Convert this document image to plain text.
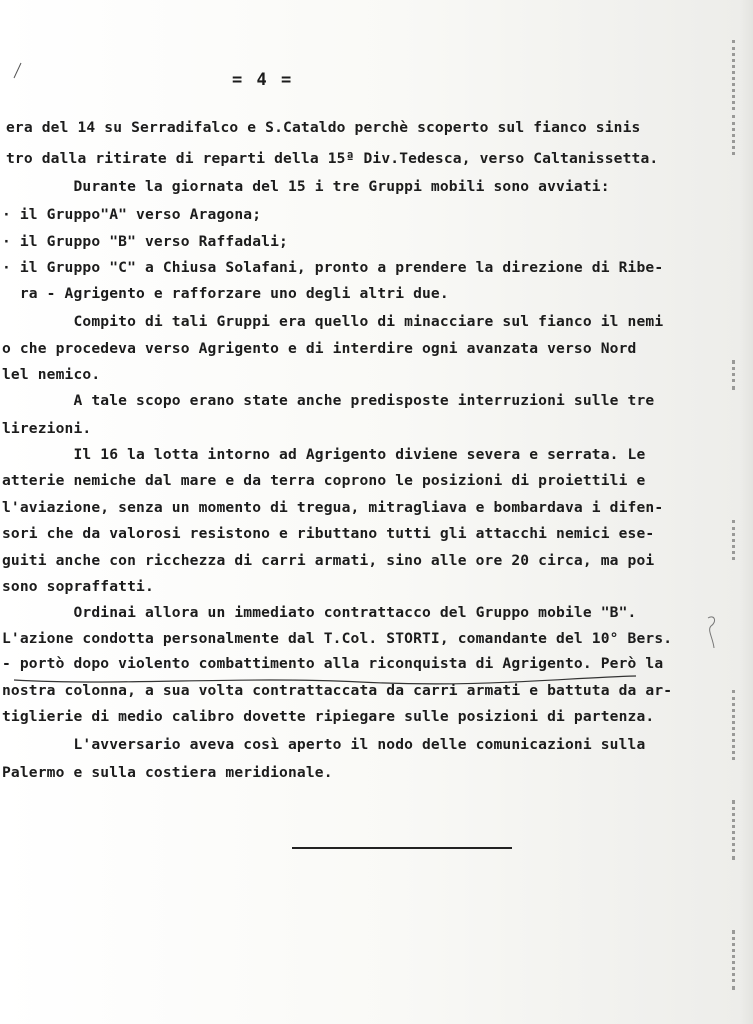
= 4 =
era del 14 su Serradifalco e S.Cataldo perchè scoperto sul fianco sinis
tro dalla ritirate di reparti della 15ª Div.Tedesca, verso Caltanissetta.
Durante la giornata del 15 i tre Gruppi mobili sono avviati:
· il Gruppo"A" verso Aragona;
· il Gruppo "B" verso Raffadali;
· il Gruppo "C" a Chiusa Solafani, pronto a prendere la direzione di Ribe-
ra - Agrigento e rafforzare uno degli altri due.
Compito di tali Gruppi era quello di minacciare sul fianco il nemi
o che procedeva verso Agrigento e di interdire ogni avanzata verso Nord
lel nemico.
A tale scopo erano state anche predisposte interruzioni sulle tre
lirezioni.
Il 16 la lotta intorno ad Agrigento diviene severa e serrata. Le
atterie nemiche dal mare e da terra coprono le posizioni di proiettili e
l'aviazione, senza un momento di tregua, mitragliava e bombardava i difen-
sori che da valorosi resistono e ributtano tutti gli attacchi nemici ese-
guiti anche con ricchezza di carri armati, sino alle ore 20 circa, ma poi
sono sopraffatti.
Ordinai allora un immediato contrattacco del Gruppo mobile "B".
L'azione condotta personalmente dal T.Col. STORTI, comandante del 10° Bers.
- portò dopo violento combattimento alla riconquista di Agrigento. Però la
nostra colonna, a sua volta contrattaccata da carri armati e battuta da ar-
tiglierie di medio calibro dovette ripiegare sulle posizioni di partenza.
L'avversario aveva così aperto il nodo delle comunicazioni sulla
Palermo e sulla costiera meridionale.
